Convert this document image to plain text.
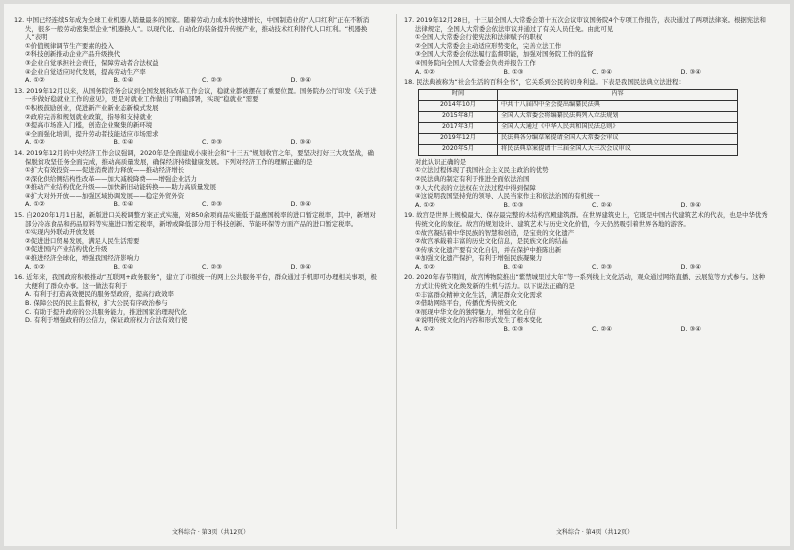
12. 中国已经连续5年成为全球工业机器人销量最多的国家。随着劳动力成本的快速增长，中国制造业的“人口红利”正在不断消失，很多一般劳动密集型企业“机器换人”。以现代化、自动化的装备提升传统产业，推动技术红利替代人口红利。“机器换人”表明
①价值规律调节生产要素的投入
②科技创新推动企业产品升级换代
③企业自觉承担社会责任，保障劳动者合法权益
④企业自觉适应时代发展，提高劳动生产率
A. ①②	B. ①④	C. ②③	D. ③④
13. 2019年12月以来，从国务院常务会议到全国发展和改革工作会议，稳就业都被摆在了重要位置。国务院办公厅印发《关于进一步做好稳就业工作的意见》，更是对就业工作做出了明确部署，实现“稳就业”需要
①积极鼓励创业，促进新产业新业态新模式发展
②政府完善和规划就业政策，指导和支持就业
③提高市场准入门槛，创造企业聚集的新环境
④全面强化培训，提升劳动者技能适应市场需求
A. ①②	B. ①④	C. ②③	D. ③④
14. 2019年12月的中央经济工作会议强调，2020年是全面建成小康社会和“十三五”规划收官之年，要坚决打好三大攻坚战，确保脱贫攻坚任务全面完成，推动高质量发展，确保经济持续健康发展。下列对经济工作的理解正确的是
①扩大有效投资——促进消费潜力释放——推动经济增长
②深化供给侧结构性改革——加大减税降费——增强企业活力
③推动产业结构优化升级——加快新旧动能转换——助力高质量发展
④扩大对外开放——加强区域协调发展——稳定外贸外资
A. ①②	B. ①④	C. ②③	D. ③④
15. 自2020年1月1日起，新版进口关税调整方案正式实施，对850余项商品实施低于最惠国税率的进口暂定税率，其中，新增对部分冷冻食品和药品原料等实施进口暂定税率，新增或降低部分用于科技创新、节能环保等方面产品的进口暂定税率。
①实现内外联动开放发展
②促进进口贸易发展，满足人民生活需要
③促进国内产业结构优化升级
④推进经济全球化，增强我国经济影响力
A. ①②	B. ①④	C. ②③	D. ③④
16. 近年来，我国政府积极推动“互联网+政务服务”，建立了市级统一的网上公共服务平台，群众通过手机即可办理相关事项，极大便利了群众办事。这一做法有利于
A. 有利于打造高效便民的服务型政府，提高行政效率
B. 保障公民的民主监督权，扩大公民有序政治参与
C. 有助于提升政府的公共服务能力，推进国家治理现代化
D. 有利于增强政府的公信力，保证政府权力合法有效行使
17. 2019年12月28日，十三届全国人大常委会第十五次会议审议国务院4个专项工作报告，表决通过了两项法律案。根据宪法和法律规定，全国人大常委会依法审议并通过了有关人员任免。由此可见
①全国人大常委会行使宪法和法律赋予的职权
②全国人大常委会主动适应形势变化，完善立法工作
③全国人大常委会依法履行监督职能，加强对国务院工作的监督
④国务院向全国人大常委会负责并报告工作
A. ①②	B. ①③	C. ②④	D. ③④
18. 民法典被称为“社会生活的百科全书”，它关系到公民的切身利益。下表是我国民法典立法进程：
时间	内容
2014年10月	中共十八届四中全会提出编纂民法典
2015年8月	全国人大常委会将编纂民法典列入立法规划
2017年3月	全国人大通过《中华人民共和国民法总则》
2019年12月	民法典各分编草案提请全国人大常委会审议
2020年5月	将民法典草案提请十三届全国人大三次会议审议
对此认识正确的是
①立法过程体现了我国社会主义民主政治的优势
②民法典的制定有利于推进全面依法治国
③人大代表的立法权在立法过程中得到保障
④这说明我国坚持党的领导、人民当家作主和依法治国的有机统一
A. ①②	B. ①③	C. ②④	D. ③④
19. 故宫是世界上规模最大、保存最完整的木结构宫殿建筑群。在世界建筑史上，它既是中国古代建筑艺术的代表，也是中华优秀传统文化的象征。故宫的规划设计、建筑艺术与历史文化价值，今天仍然吸引着世界各地的游客。
①故宫凝结着中华民族的智慧和创造，是宝贵的文化遗产
②故宫承载着丰富的历史文化信息，是民族文化的结晶
③传承文化遗产要有文化自信，并在保护中推陈出新
④加强文化遗产保护，有利于增强民族凝聚力
A. ①②	B. ①④	C. ②③	D. ③④
20. 2020年春节期间，故宫博物院推出“紫禁城里过大年”等一系列线上文化活动，观众通过网络直播、云展览等方式参与。这种方式让传统文化焕发新的生机与活力。以下说法正确的是
①丰富群众精神文化生活，满足群众文化需求
②借助网络平台，传播优秀传统文化
③展现中华文化的独特魅力，增强文化自信
④说明传统文化的内容和形式发生了根本变化
A. ①②	B. ①③	C. ②④	D. ③④
文科综合 · 第3页（共12页）	文科综合 · 第4页（共12页）
